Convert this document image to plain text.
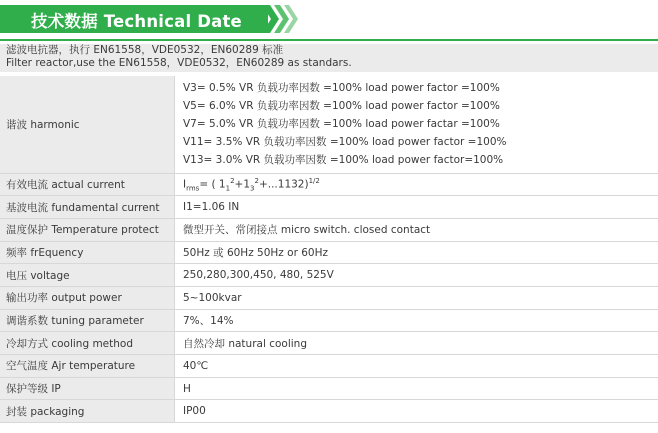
技术数据 Technical Date
滤波电抗器，执行 EN61558，VDE0532，EN60289 标准
Filter reactor,use the EN61558，VDE0532，EN60289 as standars.
谐波 harmonic	V3= 0.5% VR 负载功率因数 =100% load power factor =100%
V5= 6.0% VR 负载功率因数 =100% load power factor =100%
V7= 5.0% VR 负载功率因数 =100% load power factar =100%
V11= 3.5% VR 负载功率因数 =100% load power factor =100%
V13= 3.0% VR 负载功率因数 =100% load power factor=100%

有效电流 actual current	$I_{rms}=$ ( $1_1^2+1_3^2+...1132)^{1/2}$
基波电流 fundamental current	I1=1.06 IN
温度保护 Temperature protect	微型开关、常闭接点 micro switch. closed contact
频率 frEquency	50Hz 或 60Hz 50Hz or 60Hz
电压 voltage	250,280,300,450, 480, 525V
输出功率 output power	5~100kvar
调谐系数 tuning parameter	7%、14%
冷却方式 cooling method	自然冷却 natural cooling
空气温度 Ajr temperature	40℃
保护等级 IP	H
封装 packaging	IP00
